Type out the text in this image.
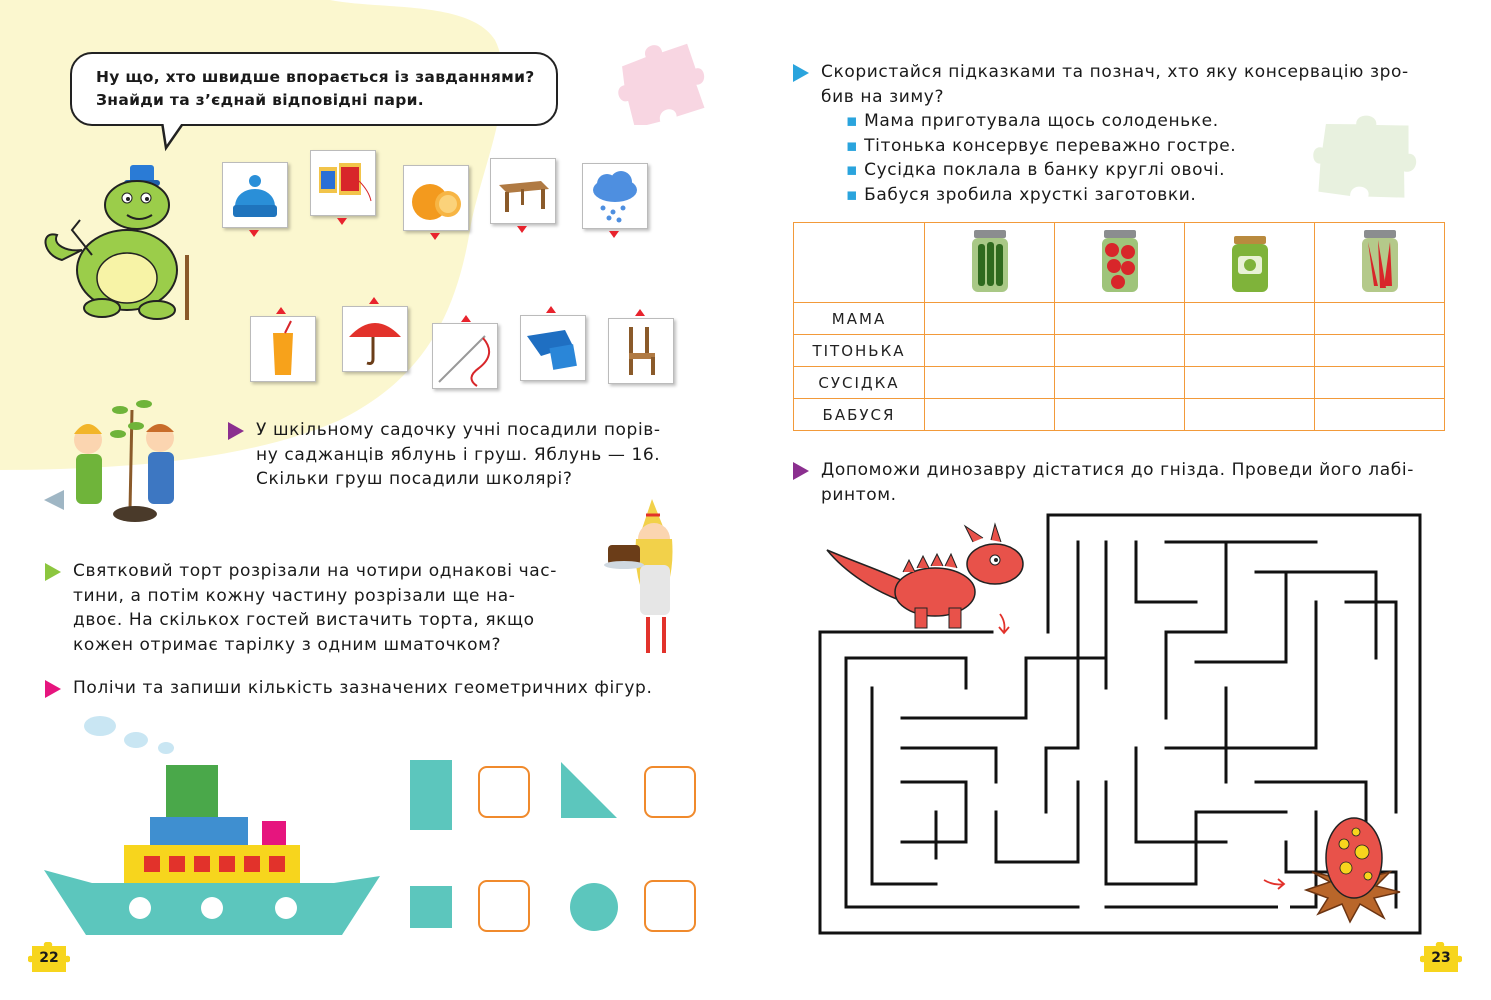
Ну що, хто швидше впорається із завданнями?
Знайди та з’єднай відповідні пари.
У шкільному садочку учні посадили порів-
ну саджанців яблунь і груш. Яблунь — 16.
Скільки груш посадили школярі?
Святковий торт розрізали на чотири однакові час-
тини, а потім кожну частину розрізали ще на-
двоє. На скількох гостей вистачить торта, якщо
кожен отримає тарілку з одним шматочком?
Полічи та запиши кількість зазначених геометричних фігур.
22
Скористайся підказками та познач, хто яку консервацію зро-
бив на зиму?
▪ Мама приготувала щось солоденьке.
▪ Тітонька консервує переважно гостре.
▪ Сусідка поклала в банку круглі овочі.
▪ Бабуся зробила хрусткі заготовки.

МАМА				
ТІТОНЬКА				
СУСІДКА				
БАБУСЯ				
Допоможи динозавру дістатися до гнізда. Проведи його лабі-
ринтом.
23
